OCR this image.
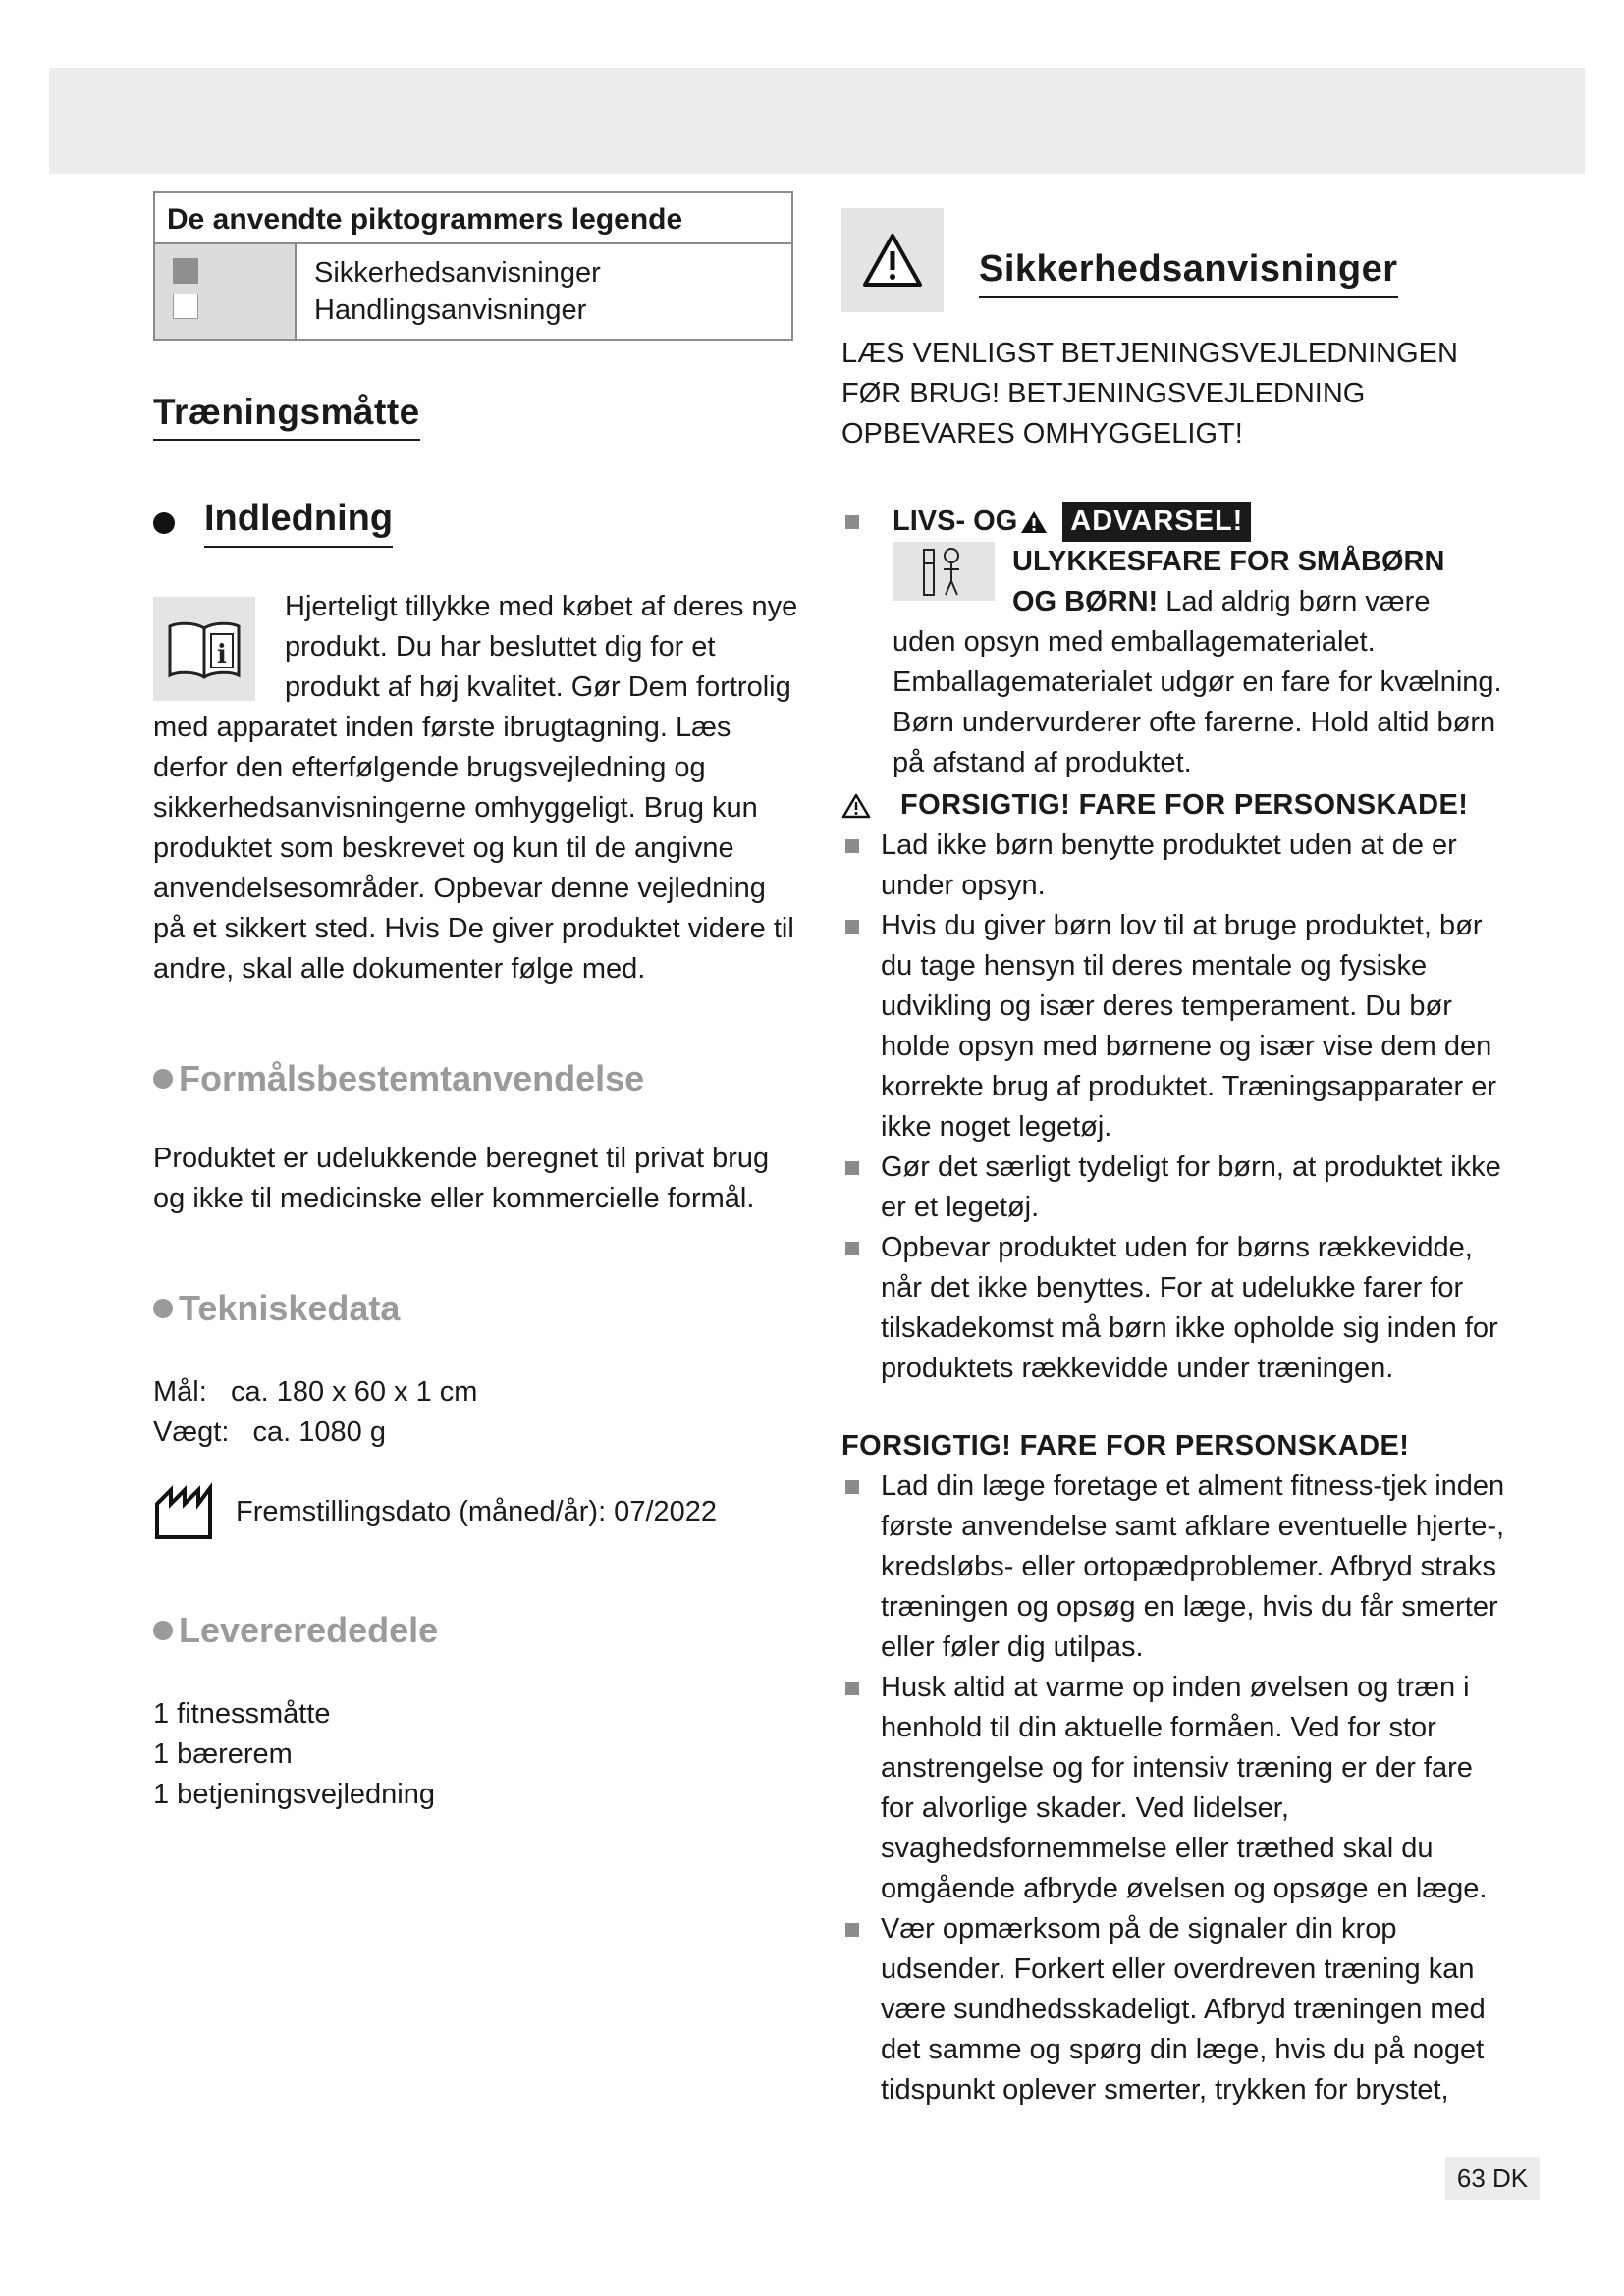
De anvendte piktogrammers legende
Sikkerhedsanvisninger
Handlingsanvisninger
Træningsmåtte
Indledning
i

Hjerteligt tillykke med købet af deres nye produkt. Du har besluttet dig for et produkt af høj kvalitet. Gør Dem fortrolig med apparatet inden første ibrugtagning. Læs derfor den efterfølgende brugsvejledning og sikkerhedsanvisningerne omhyggeligt. Brug kun produktet som beskrevet og kun til de angivne anvendelsesområder. Opbevar denne vejledning på et sikkert sted. Hvis De giver produktet videre til andre, skal alle dokumenter følge med.

Formålsbestemtanvendelse

Produktet er udelukkende beregnet til privat brug og ikke til medicinske eller kommercielle formål.

Tekniskedata
Mål:   ca. 180 x 60 x 1 cm
Vægt:   ca. 1080 g
Fremstillingsdato (måned/år): 07/2022
Levererededele
1 fitnessmåtte
1 bærerem
1 betjeningsvejledning
Sikkerhedsanvisninger

LÆS VENLIGST BETJENINGSVEJLEDNINGEN FØR BRUG! BETJENINGSVEJLEDNING OPBEVARES OMHYGGELIGT!

LIVS- OG ADVARSEL!
ULYKKESFARE FOR SMÅBØRN
OG BØRN! Lad aldrig børn være
uden opsyn med emballagematerialet. Emballagematerialet udgør en fare for kvælning. Børn undervurderer ofte farerne. Hold altid børn på afstand af produktet.
FORSIGTIG! FARE FOR PERSONSKADE!
Lad ikke børn benytte produktet uden at de er under opsyn.
Hvis du giver børn lov til at bruge produktet, bør du tage hensyn til deres mentale og fysiske udvikling og især deres temperament. Du bør holde opsyn med børnene og især vise dem den korrekte brug af produktet. Træningsapparater er ikke noget legetøj.
Gør det særligt tydeligt for børn, at produktet ikke er et legetøj.
Opbevar produktet uden for børns rækkevidde, når det ikke benyttes. For at udelukke farer for tilskadekomst må børn ikke opholde sig inden for produktets rækkevidde under træningen.
FORSIGTIG! FARE FOR PERSONSKADE!
Lad din læge foretage et alment fitness-tjek inden første anvendelse samt afklare eventuelle hjerte-, kredsløbs- eller ortopædproblemer. Afbryd straks træningen og opsøg en læge, hvis du får smerter eller føler dig utilpas.
Husk altid at varme op inden øvelsen og træn i henhold til din aktuelle formåen. Ved for stor anstrengelse og for intensiv træning er der fare for alvorlige skader. Ved lidelser, svaghedsfornemmelse eller træthed skal du omgående afbryde øvelsen og opsøge en læge.
Vær opmærksom på de signaler din krop udsender. Forkert eller overdreven træning kan være sundhedsskadeligt. Afbryd træningen med det samme og spørg din læge, hvis du på noget tidspunkt oplever smerter, trykken for brystet,
63 DK
